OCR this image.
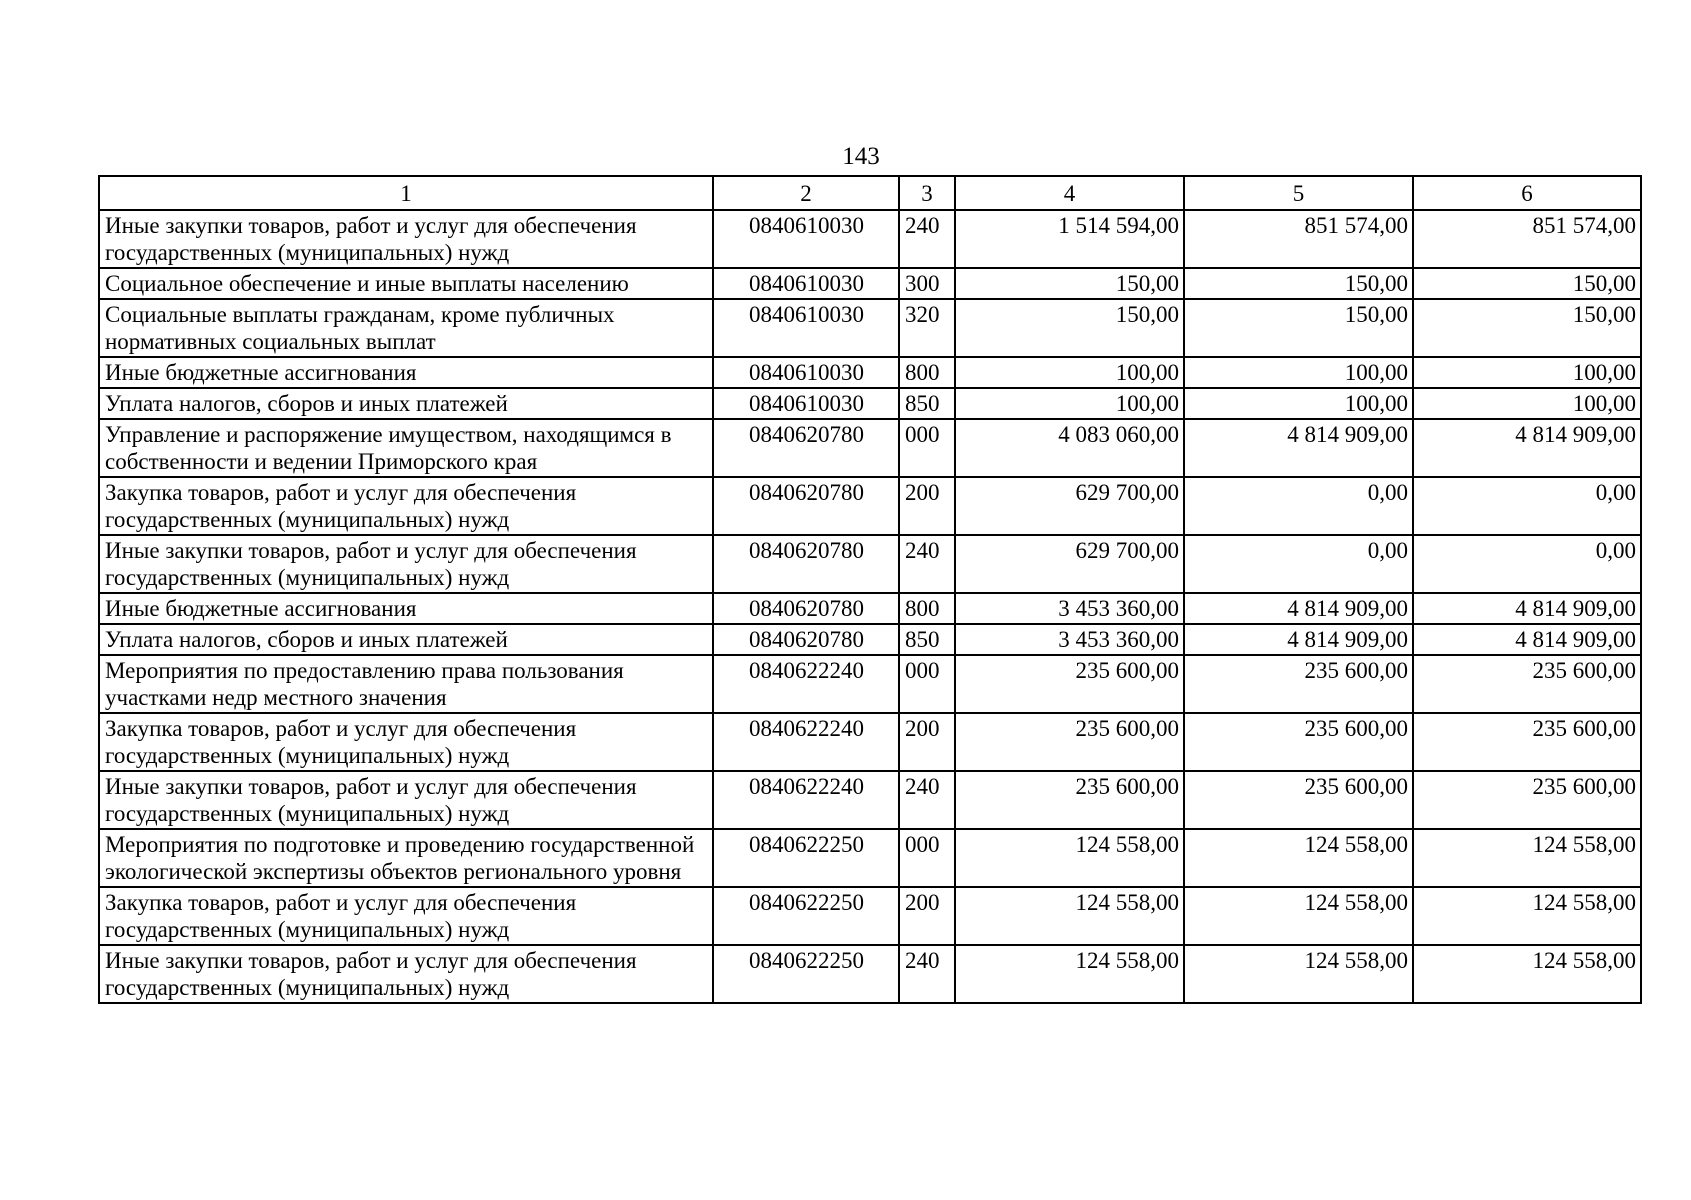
143
1	2	3	4	5	6
Иные закупки товаров, работ и услуг для обеспечения государственных (муниципальных) нужд	0840610030	240	1 514 594,00	851 574,00	851 574,00
Социальное обеспечение и иные выплаты населению	0840610030	300	150,00	150,00	150,00
Социальные выплаты гражданам, кроме публичных нормативных социальных выплат	0840610030	320	150,00	150,00	150,00
Иные бюджетные ассигнования	0840610030	800	100,00	100,00	100,00
Уплата налогов, сборов и иных платежей	0840610030	850	100,00	100,00	100,00
Управление и распоряжение имуществом, находящимся в собственности и ведении Приморского края	0840620780	000	4 083 060,00	4 814 909,00	4 814 909,00
Закупка товаров, работ и услуг для обеспечения государственных (муниципальных) нужд	0840620780	200	629 700,00	0,00	0,00
Иные закупки товаров, работ и услуг для обеспечения государственных (муниципальных) нужд	0840620780	240	629 700,00	0,00	0,00
Иные бюджетные ассигнования	0840620780	800	3 453 360,00	4 814 909,00	4 814 909,00
Уплата налогов, сборов и иных платежей	0840620780	850	3 453 360,00	4 814 909,00	4 814 909,00
Мероприятия по предоставлению права пользования участками недр местного значения	0840622240	000	235 600,00	235 600,00	235 600,00
Закупка товаров, работ и услуг для обеспечения государственных (муниципальных) нужд	0840622240	200	235 600,00	235 600,00	235 600,00
Иные закупки товаров, работ и услуг для обеспечения государственных (муниципальных) нужд	0840622240	240	235 600,00	235 600,00	235 600,00
Мероприятия по подготовке и проведению государственной экологической экспертизы объектов регионального уровня	0840622250	000	124 558,00	124 558,00	124 558,00
Закупка товаров, работ и услуг для обеспечения государственных (муниципальных) нужд	0840622250	200	124 558,00	124 558,00	124 558,00
Иные закупки товаров, работ и услуг для обеспечения государственных (муниципальных) нужд	0840622250	240	124 558,00	124 558,00	124 558,00
